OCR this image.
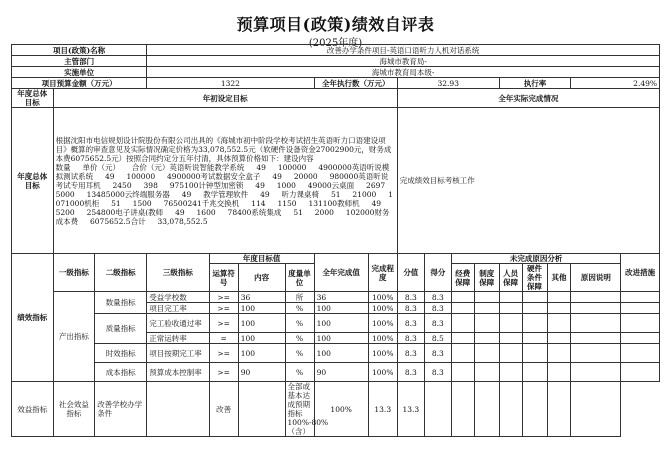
预算项目(政策)绩效自评表
(2025年度)
项目(政策)名称			改善办学条件项目-英语口语听力人机对话系统														
主管部门			海城市教育局-														
实施单位			海城市教育局本级-														
项目预算金额（万元）			1322				全年执行数（万元）		32.93				执行率			2.49%	
年度总体目标	年初设定目标								全年实际完成情况								
年度总体目标	根据沈阳市电信规划设计院股份有限公司出具的《海城市初中阶段学校考试招生英语听力口语建设项目》概算的审查意见及实际情况确定价格为33,078,552.5元（软硬件设备资金27002900元，财务成本费6075652.5元）按照合同约定分五年付清，具体预算价格如下：建设内容
数量     单价（元）     合价（元）英语听说智能教学系统     49     100000     4900000英语听说模拟测试系统     49     100000     4900000考试数据安全盒子     49     20000     980000英语听说考试专用耳机     2450     398     975100计钟型加密锁     49     1000     49000云桌面     2697     5000     13485000云终端服务器     49     教学管理软件     49     听力课桌椅     51     21000     1071000机柜     51     1500     76500241千兆交换机     114     1150     131100教师机     49     5200     254800电子讲桌(教师     49     1600     78400系统集成     51     2000     102000财务成本费     6075652.5合计     33,078,552.5								完成绩效目标考核工作								
绩效指标	一级指标	二级指标	三级指标	年度目标值			全年完成值	完成程度	分值	得分	未完成原因分析						改进措施
				运算符号	内容	度量单位					经费保障	制度保障	人员保障	硬件条件保障	其他	原因说明	
	产出指标	数量指标	受益学校数	>=	36	所	36	100%	8.3	8.3							
			项目完工率	>=	100	%	100	100%	8.3	8.3							
		质量指标	完工验收通过率	>=	100	%	100	100%	8.3	8.3							
			正常运转率	=	100	%	100	100%	8.3	8.5							
		时效指标	项目按期完工率	>=	100	%	100	100%	8.3	8.3							
		成本指标	预算成本控制率	>=	90	%	90	100%	8.3	8.3							
效益指标	社会效益指标	改善学校办学条件		改善		全部或基本达成预期指标100%-80%（含）	100%	13.3	13.3								
